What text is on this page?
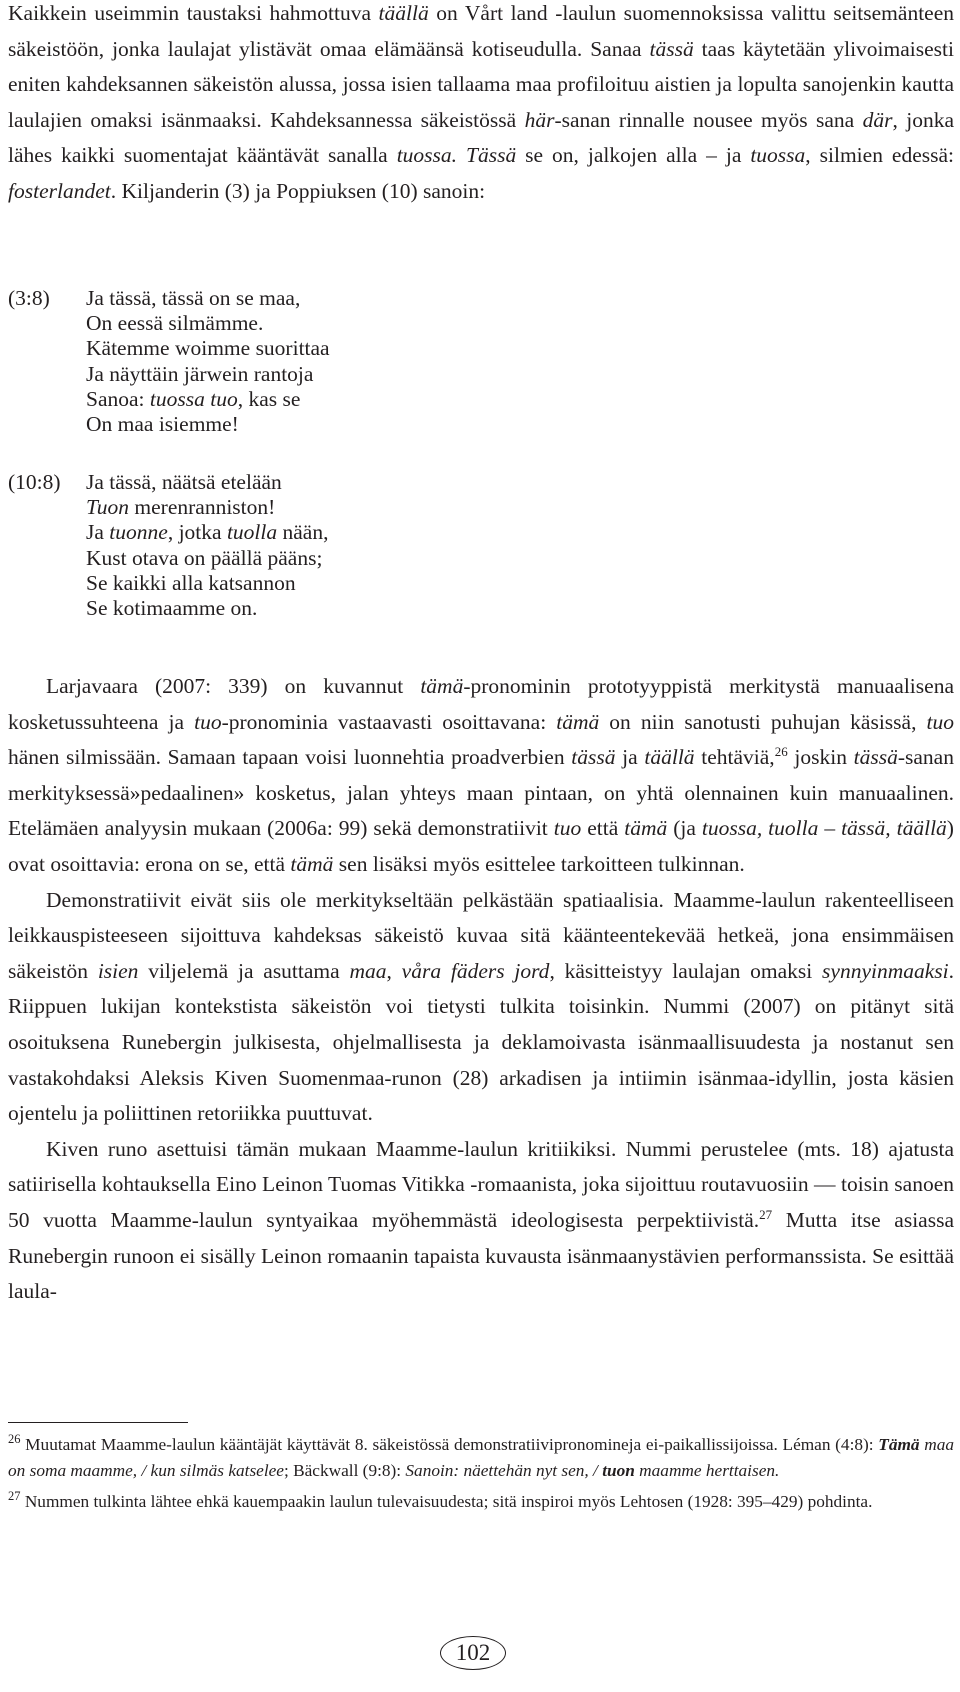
Kaikkein useimmin taustaksi hahmottuva täällä on Vårt land -laulun suomennoksissa valittu seitsemänteen säkeistöön, jonka laulajat ylistävät omaa elämäänsä kotiseudulla. Sanaa tässä taas käytetään ylivoimaisesti eniten kahdeksannen säkeistön alussa, jossa isien tallaama maa profiloituu aistien ja lopulta sanojenkin kautta laulajien omaksi isänmaaksi. Kahdeksannessa säkeistössä här-sanan rinnalle nousee myös sana där, jonka lähes kaikki suomentajat kääntävät sanalla tuossa. Tässä se on, jalkojen alla – ja tuossa, silmien edessä: fosterlandet. Kiljanderin (3) ja Poppiuksen (10) sanoin:

(3:8) Ja tässä, tässä on se maa,
On eessä silmämme.
Kätemme woimme suorittaa
Ja näyttäin järwein rantoja
Sanoa: tuossa tuo, kas se
On maa isiemme!
(10:8) Ja tässä, näätsä etelään
Tuon merenranniston!
Ja tuonne, jotka tuolla nään,
Kust otava on päällä pääns;
Se kaikki alla katsannon
Se kotimaamme on.

Larjavaara (2007: 339) on kuvannut tämä-pronominin prototyyppistä merkitystä manuaalisena kosketussuhteena ja tuo-pronominia vastaavasti osoittavana: tämä on niin sanotusti puhujan käsissä, tuo hänen silmissään. Samaan tapaan voisi luonnehtia proadverbien tässä ja täällä tehtäviä,$^{26}$ joskin tässä-sanan merkityksessä»pedaalinen» kosketus, jalan yhteys maan pintaan, on yhtä olennainen kuin manuaalinen. Etelämäen analyysin mukaan (2006a: 99) sekä demonstratiivit tuo että tämä (ja tuossa, tuolla – tässä, täällä) ovat osoittavia: erona on se, että tämä sen lisäksi myös esittelee tarkoitteen tulkinnan.

Demonstratiivit eivät siis ole merkitykseltään pelkästään spatiaalisia. Maamme-laulun rakenteelliseen leikkauspisteeseen sijoittuva kahdeksas säkeistö kuvaa sitä käänteentekevää hetkeä, jona ensimmäisen säkeistön isien viljelemä ja asuttama maa, våra fäders jord, käsitteistyy laulajan omaksi synnyinmaaksi. Riippuen lukijan kontekstista säkeistön voi tietysti tulkita toisinkin. Nummi (2007) on pitänyt sitä osoituksena Runebergin julkisesta, ohjelmallisesta ja deklamoivasta isänmaallisuudesta ja nostanut sen vastakohdaksi Aleksis Kiven Suomenmaa-runon (28) arkadisen ja intiimin isänmaa-idyllin, josta käsien ojentelu ja poliittinen retoriikka puuttuvat.

Kiven runo asettuisi tämän mukaan Maamme-laulun kritiikiksi. Nummi perustelee (mts. 18) ajatusta satiirisella kohtauksella Eino Leinon Tuomas Vitikka -romaanista, joka sijoittuu routavuosiin — toisin sanoen 50 vuotta Maamme-laulun syntyaikaa myöhemmästä ideologisesta perpektiivistä.$^{27}$ Mutta itse asiassa Runebergin runoon ei sisälly Leinon romaanin tapaista kuvausta isänmaanystävien performanssista. Se esittää laula-

$^{26}$ Muutamat Maamme-laulun kääntäjät käyttävät 8. säkeistössä demonstratiivipronomineja ei-paikallissijoissa. Léman (4:8): Tämä maa on soma maamme, / kun silmäs katselee; Bäckwall (9:8): Sanoin: näettehän nyt sen, / tuon maamme herttaisen.

$^{27}$ Nummen tulkinta lähtee ehkä kauempaakin laulun tulevaisuudesta; sitä inspiroi myös Lehtosen (1928: 395–429) pohdinta.

102
